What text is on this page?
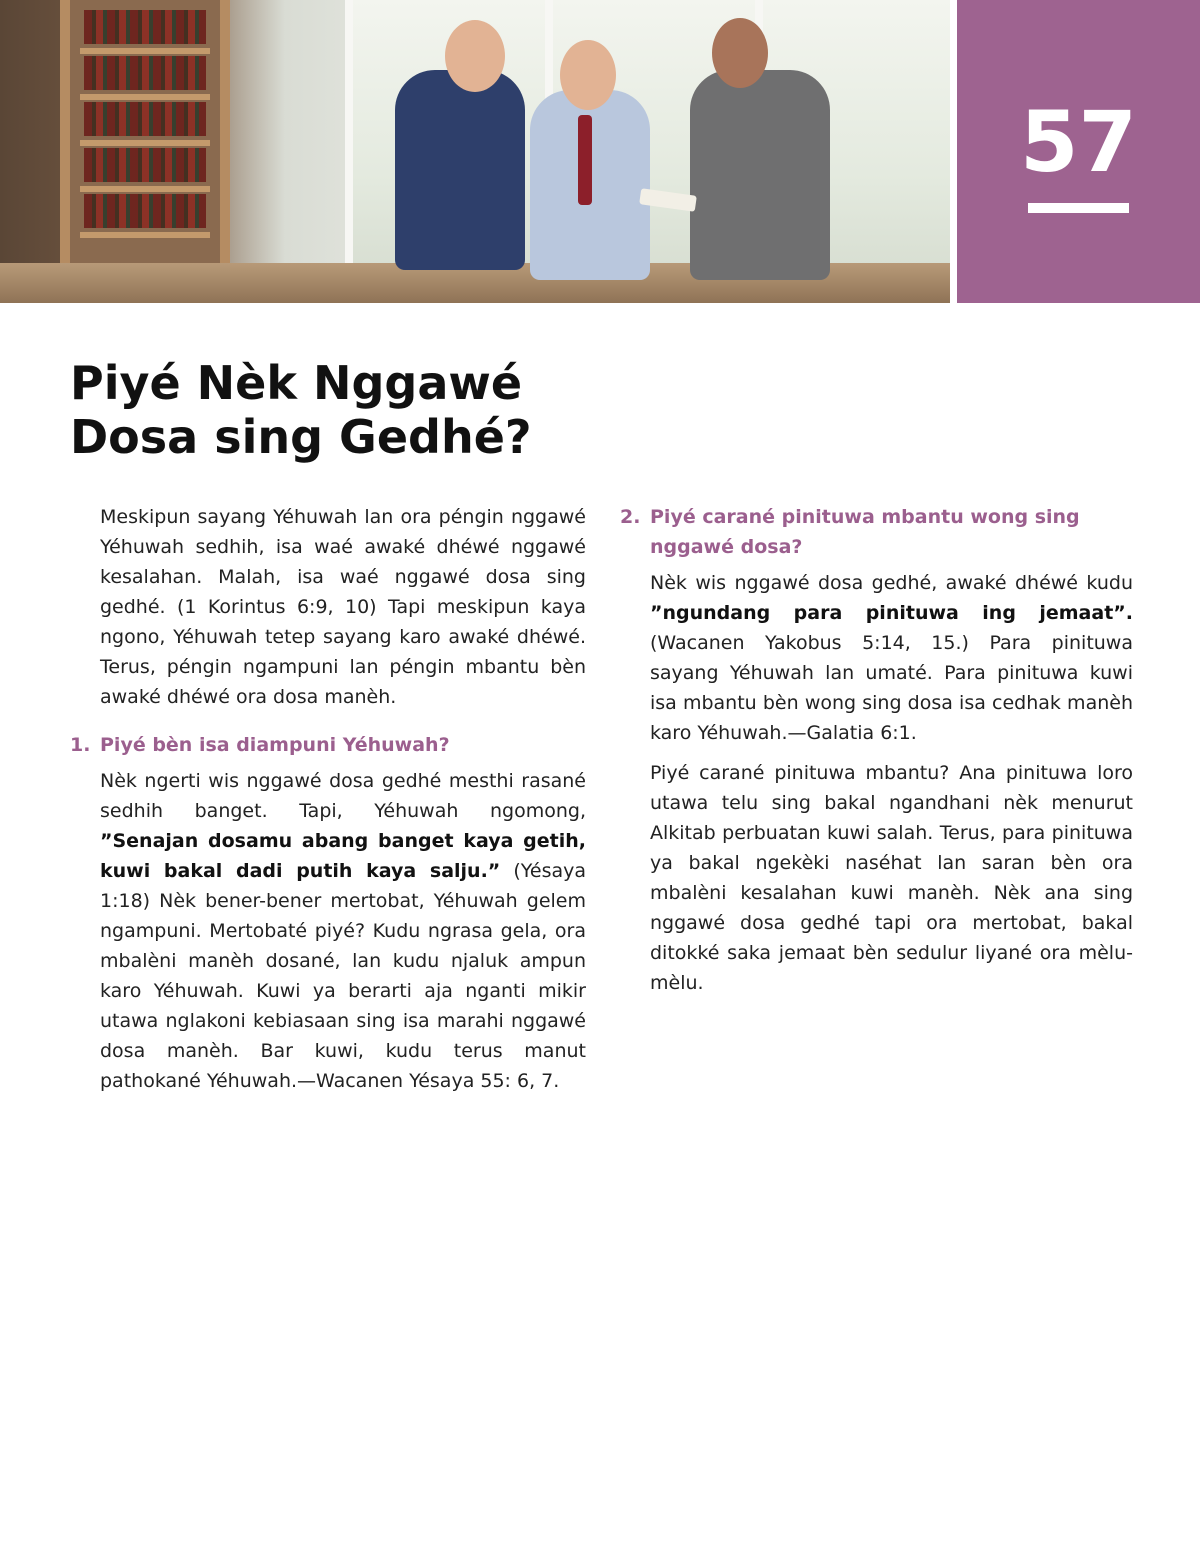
57
Piyé Nèk Nggawé
Dosa sing Gedhé?

Meskipun sayang Yéhuwah lan ora péngin nggawé Yéhuwah sedhih, isa waé awaké dhéwé nggawé kesalahan. Malah, isa waé nggawé dosa sing gedhé. (1 Korintus 6:9, 10) Tapi meskipun kaya ngono, Yéhuwah tetep sayang karo awaké dhéwé. Terus, péngin ngampuni lan péngin mbantu bèn awaké dhéwé ora dosa manèh.

1. Piyé bèn isa diampuni Yéhuwah?

Nèk ngerti wis nggawé dosa gedhé mesthi rasané sedhih banget. Tapi, Yéhuwah ngomong, ”Senajan dosamu abang banget kaya getih, kuwi bakal dadi putih kaya salju.” (Yésaya 1:18) Nèk bener-bener mertobat, Yéhuwah gelem ngampuni. Mertobaté piyé? Kudu ngrasa gela, ora mbalèni manèh dosané, lan kudu njaluk ampun karo Yéhuwah. Kuwi ya berarti aja nganti mikir utawa nglakoni kebiasaan sing isa marahi nggawé dosa manèh. Bar kuwi, kudu terus manut pathokané Yéhuwah.—Wacanen Yésaya 55: 6, 7.

2. Piyé carané pinituwa mbantu wong sing nggawé dosa?

Nèk wis nggawé dosa gedhé, awaké dhéwé kudu ”ngundang para pinituwa ing jemaat”. (Wacanen Yakobus 5:14, 15.) Para pinituwa sayang Yéhuwah lan umaté. Para pinituwa kuwi isa mbantu bèn wong sing dosa isa cedhak manèh karo Yéhuwah.—Galatia 6:1.

Piyé carané pinituwa mbantu? Ana pinituwa loro utawa telu sing bakal ngandhani nèk menurut Alkitab perbuatan kuwi salah. Terus, para pinituwa ya bakal ngekèki naséhat lan saran bèn ora mbalèni kesalahan kuwi manèh. Nèk ana sing nggawé dosa gedhé tapi ora mertobat, bakal ditokké saka jemaat bèn sedulur liyané ora mèlu-mèlu.
